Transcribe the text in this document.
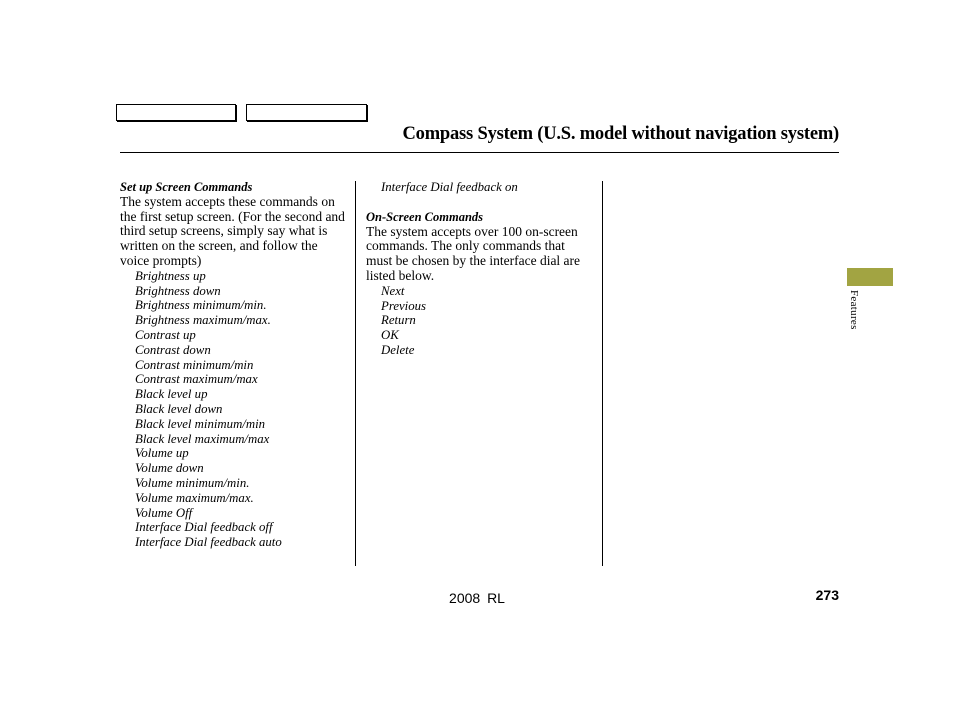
Compass System (U.S. model without navigation system)
Set up Screen Commands

The system accepts these commands on the first setup screen. (For the second and third setup screens, simply say what is written on the screen, and follow the voice prompts)

Brightness up
Brightness down
Brightness minimum/min.
Brightness maximum/max.
Contrast up
Contrast down
Contrast minimum/min
Contrast maximum/max
Black level up
Black level down
Black level minimum/min
Black level maximum/max
Volume up
Volume down
Volume minimum/min.
Volume maximum/max.
Volume Off
Interface Dial feedback off
Interface Dial feedback auto
Interface Dial feedback on
On-Screen Commands

The system accepts over 100 on-screen commands. The only commands that must be chosen by the interface dial are listed below.

Next
Previous
Return
OK
Delete
Features
2008 RL	273
